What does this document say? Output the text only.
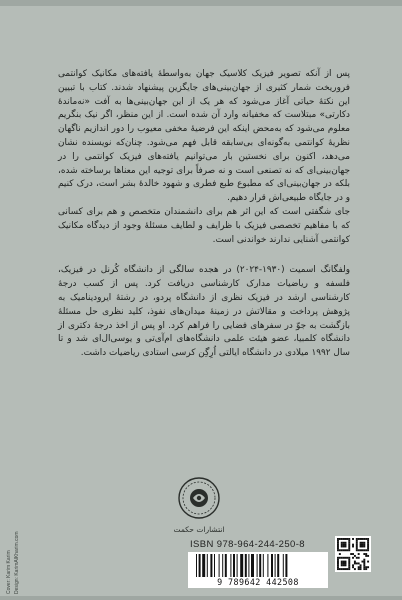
پس از آنکه تصویر فیزیک کلاسیک جهان به‌واسطهٔ یافته‌های مکانیک کوانتمی فروریخت شمار کثیری از جهان‌بینی‌های جایگزین پیشنهاد شدند. کتاب با تبیین این نکتهٔ حیاتی آغاز می‌شود که هر یک از این جهان‌بینی‌ها به آفت «نه‌ماندهٔ دکارتی» مبتلاست که مخفیانه وارد آن شده است. از این منظر، اگر نیک بنگریم معلوم می‌شود که به‌محض اینکه این فرضیهٔ مخفی معیوب را دور اندازیم ناگهان نظریهٔ کوانتمی به‌گونه‌ای بی‌سابقه قابل فهم می‌شود. چنان‌که نویسنده نشان می‌دهد، اکنون برای نخستین بار می‌توانیم یافته‌های فیزیک کوانتمی را در جهان‌بینی‌ای که نه تصنعی است و نه صرفاً برای توجیه این معناها برساخته شده، بلکه در جهان‌بینی‌ای که مطبوع طبع فطری و شهود خالدهٔ بشر است، درک کنیم و در جایگاه طبیعی‌اش قرار دهیم.

جای شگفتی است که این اثر هم برای دانشمندان متخصص و هم برای کسانی که با مفاهیم تخصصی فیزیک با ظرایف و لطایف مسئلهٔ وجود از دیدگاه مکانیک کوانتمی آشنایی ندارند خواندنی است.

ولفگانگ اسمیت (۱۹۳۰-۲۰۲۴) در هجده سالگی از دانشگاه کُرنل در فیزیک، فلسفه و ریاضیات مدارک کارشناسی دریافت کرد. پس از کسب درجهٔ کارشناسی ارشد در فیزیک نظری از دانشگاه پردو، در رشتهٔ ایرودینامیک به پژوهش پرداخت و مقالاتش در زمینهٔ میدان‌های نفوذ، کلید نظری حل مسئلهٔ بازگشت به جوّ در سفرهای فضایی را فراهم کرد. او پس از اخذ درجهٔ دکتری از دانشگاه کلمبیا، عضو هیئت علمی دانشگاه‌های ام‌آی‌تی و یوسی‌ال‌ای شد و تا سال ۱۹۹۲ میلادی در دانشگاه ایالتی اُرِگِن کرسی استادی ریاضیات داشت.

انتشارات حکمت
ISBN 978-964-244-250-8
9 789642 442508
Cover: Karim Karim Design: KarimAlKharim.com
